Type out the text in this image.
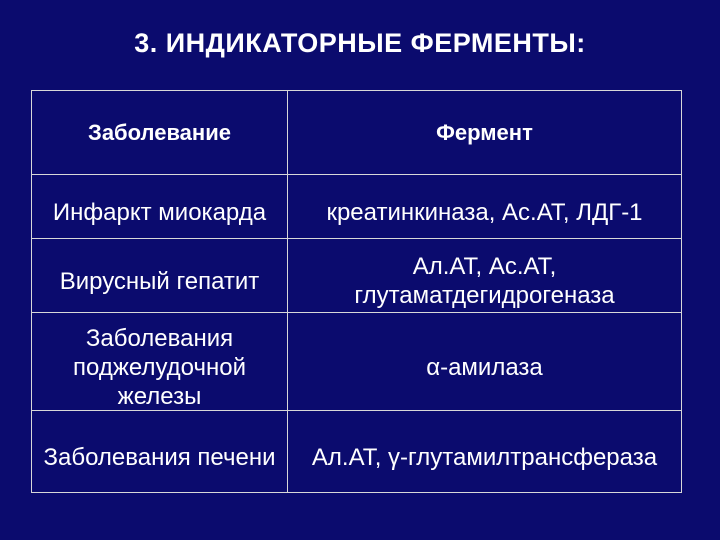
3. ИНДИКАТОРНЫЕ ФЕРМЕНТЫ:
Заболевание	Фермент
Инфаркт миокарда	креатинкиназа, Ас.АТ, ЛДГ-1
Вирусный гепатит	Ал.АТ, Ас.АТ, глутаматдегидрогеназа
Заболевания поджелудочной железы	α-амилаза
Заболевания печени	Ал.АТ, γ-глутамилтрансфераза
